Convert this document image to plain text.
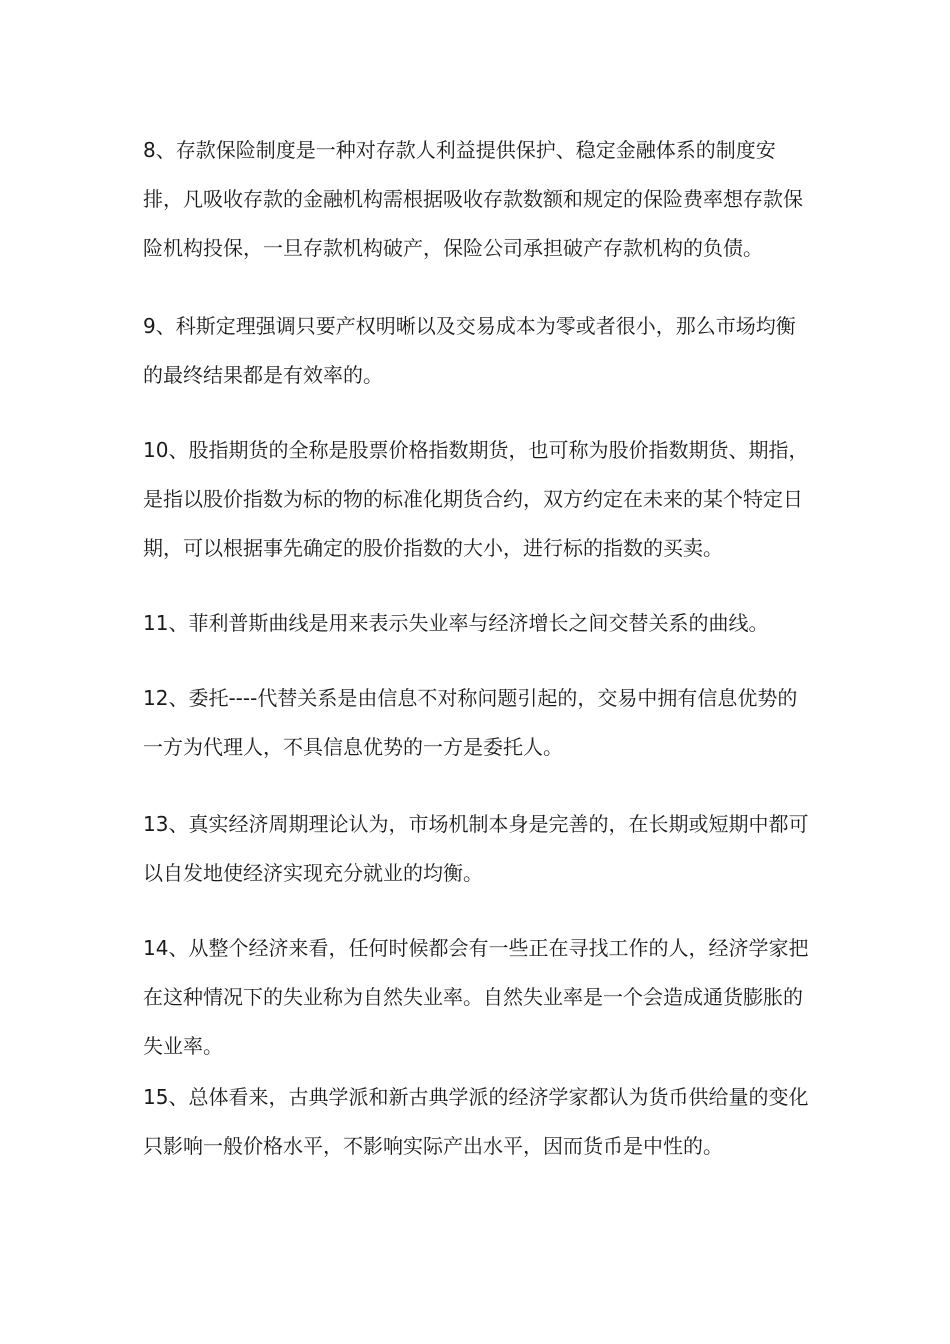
8、存款保险制度是一种对存款人利益提供保护、稳定金融体系的制度安排，凡吸收存款的金融机构需根据吸收存款数额和规定的保险费率想存款保险机构投保，一旦存款机构破产，保险公司承担破产存款机构的负债。

9、科斯定理强调只要产权明晰以及交易成本为零或者很小，那么市场均衡的最终结果都是有效率的。

10、股指期货的全称是股票价格指数期货，也可称为股价指数期货、期指，是指以股价指数为标的物的标准化期货合约，双方约定在未来的某个特定日期，可以根据事先确定的股价指数的大小，进行标的指数的买卖。

11、菲利普斯曲线是用来表示失业率与经济增长之间交替关系的曲线。

12、委托----代替关系是由信息不对称问题引起的，交易中拥有信息优势的一方为代理人，不具信息优势的一方是委托人。

13、真实经济周期理论认为，市场机制本身是完善的，在长期或短期中都可以自发地使经济实现充分就业的均衡。

14、从整个经济来看，任何时候都会有一些正在寻找工作的人，经济学家把在这种情况下的失业称为自然失业率。自然失业率是一个会造成通货膨胀的失业率。

15、总体看来，古典学派和新古典学派的经济学家都认为货币供给量的变化只影响一般价格水平，不影响实际产出水平，因而货币是中性的。
